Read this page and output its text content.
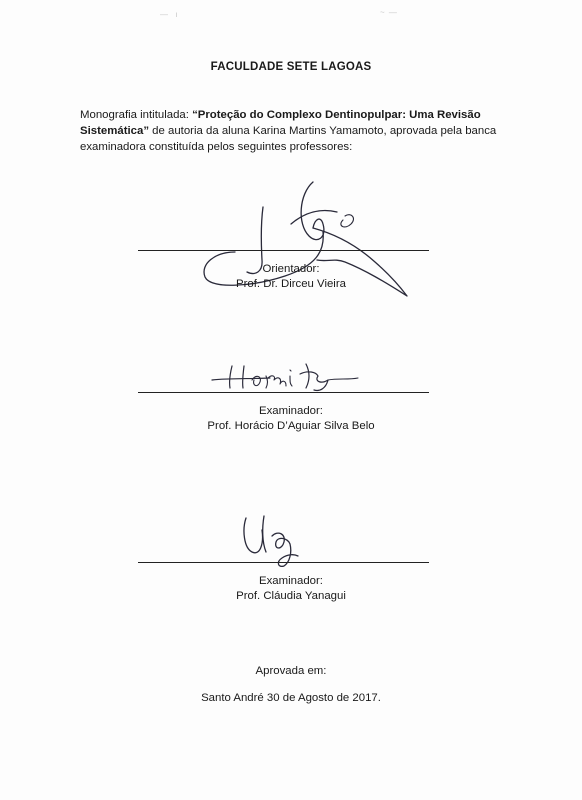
—  ı	~ —
FACULDADE SETE LAGOAS

Monografia intitulada: “Proteção do Complexo Dentinopulpar: Uma Revisão Sistemática” de autoria da aluna Karina Martins Yamamoto, aprovada pela banca examinadora constituída pelos seguintes professores:

Orientador:
Prof. Dr. Dirceu Vieira
Examinador:
Prof. Horácio D’Aguiar Silva Belo
Examinador:
Prof. Cláudia Yanagui
Aprovada em:
Santo André 30 de Agosto de 2017.
